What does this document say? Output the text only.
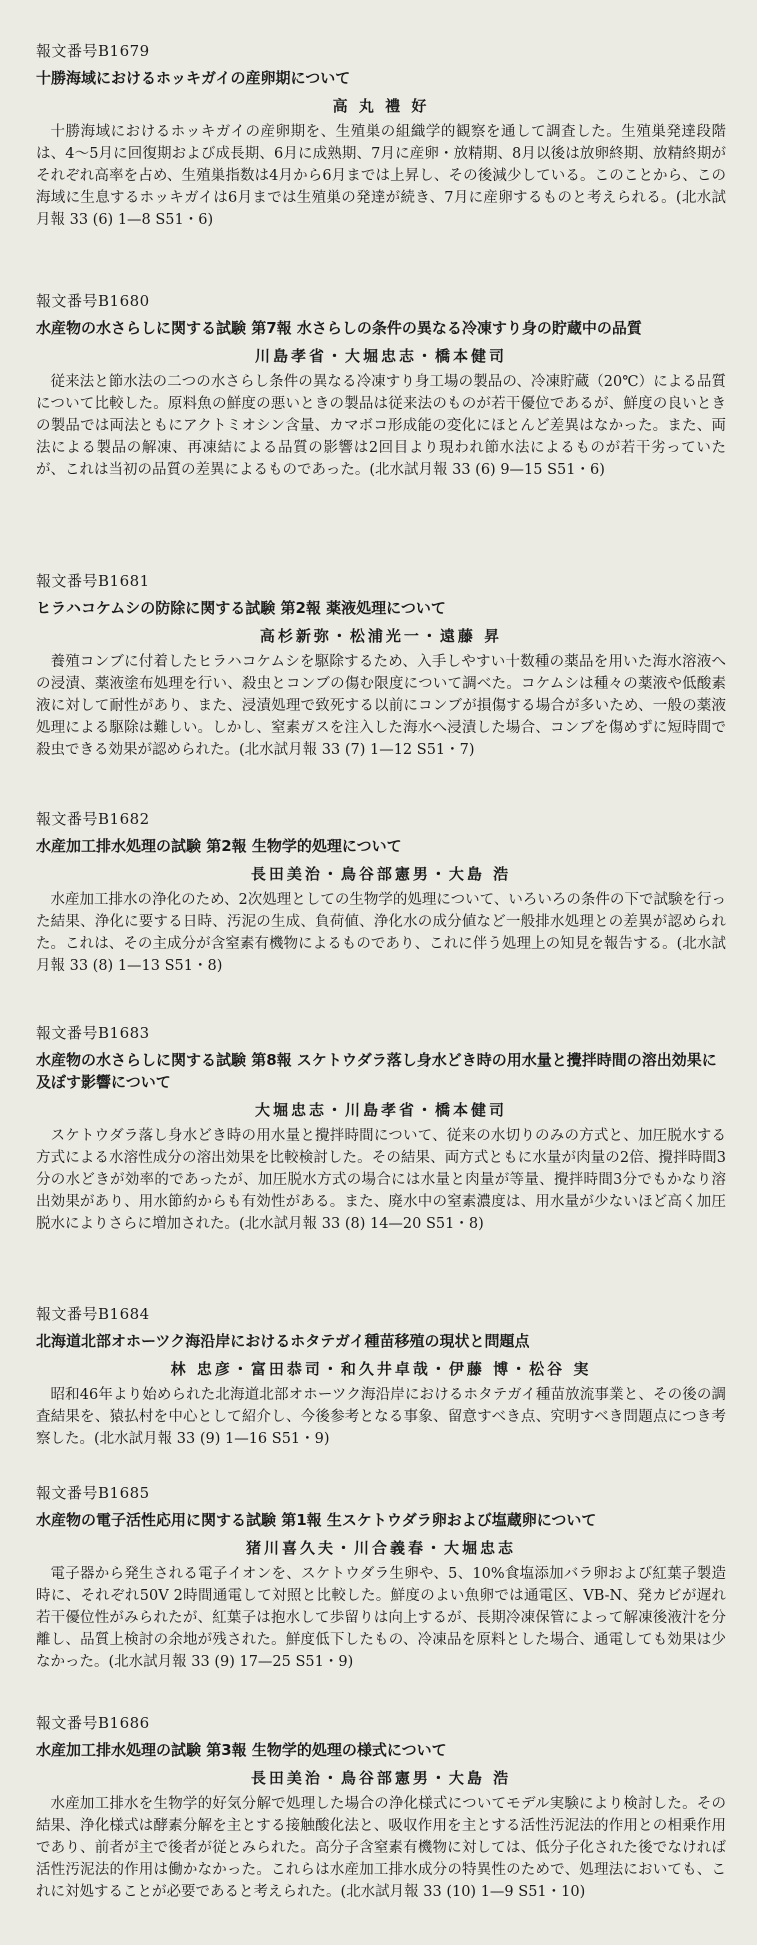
報文番号B1679
十勝海域におけるホッキガイの産卵期について
高 丸 禮 好

十勝海域におけるホッキガイの産卵期を、生殖巣の組織学的観察を通して調査した。生殖巣発達段階は、4〜5月に回復期および成長期、6月に成熟期、7月に産卵・放精期、8月以後は放卵終期、放精終期がそれぞれ高率を占め、生殖巣指数は4月から6月までは上昇し、その後減少している。このことから、この海域に生息するホッキガイは6月までは生殖巣の発達が続き、7月に産卵するものと考えられる。(北水試月報 33 (6) 1—8 S51・6)

報文番号B1680
水産物の水さらしに関する試験 第7報 水さらしの条件の異なる冷凍すり身の貯蔵中の品質
川島孝省・大堀忠志・橋本健司

従来法と節水法の二つの水さらし条件の異なる冷凍すり身工場の製品の、冷凍貯蔵（20℃）による品質について比較した。原料魚の鮮度の悪いときの製品は従来法のものが若干優位であるが、鮮度の良いときの製品では両法ともにアクトミオシン含量、カマボコ形成能の変化にほとんど差異はなかった。また、両法による製品の解凍、再凍結による品質の影響は2回目より現われ節水法によるものが若干劣っていたが、これは当初の品質の差異によるものであった。(北水試月報 33 (6) 9—15 S51・6)

報文番号B1681
ヒラハコケムシの防除に関する試験 第2報 薬液処理について
高杉新弥・松浦光一・遠藤 昇

養殖コンブに付着したヒラハコケムシを駆除するため、入手しやすい十数種の薬品を用いた海水溶液への浸漬、薬液塗布処理を行い、殺虫とコンブの傷む限度について調べた。コケムシは種々の薬液や低酸素液に対して耐性があり、また、浸漬処理で致死する以前にコンブが損傷する場合が多いため、一般の薬液処理による駆除は難しい。しかし、窒素ガスを注入した海水へ浸漬した場合、コンブを傷めずに短時間で殺虫できる効果が認められた。(北水試月報 33 (7) 1—12 S51・7)

報文番号B1682
水産加工排水処理の試験 第2報 生物学的処理について
長田美治・鳥谷部憲男・大島 浩

水産加工排水の浄化のため、2次処理としての生物学的処理について、いろいろの条件の下で試験を行った結果、浄化に要する日時、汚泥の生成、負荷値、浄化水の成分値など一般排水処理との差異が認められた。これは、その主成分が含窒素有機物によるものであり、これに伴う処理上の知見を報告する。(北水試月報 33 (8) 1—13 S51・8)

報文番号B1683
水産物の水さらしに関する試験 第8報 スケトウダラ落し身水どき時の用水量と攪拌時間の溶出効果に及ぼす影響について
大堀忠志・川島孝省・橋本健司

スケトウダラ落し身水どき時の用水量と攪拌時間について、従来の水切りのみの方式と、加圧脱水する方式による水溶性成分の溶出効果を比較検討した。その結果、両方式ともに水量が肉量の2倍、攪拌時間3分の水どきが効率的であったが、加圧脱水方式の場合には水量と肉量が等量、攪拌時間3分でもかなり溶出効果があり、用水節約からも有効性がある。また、廃水中の窒素濃度は、用水量が少ないほど高く加圧脱水によりさらに増加された。(北水試月報 33 (8) 14—20 S51・8)

報文番号B1684
北海道北部オホーツク海沿岸におけるホタテガイ種苗移殖の現状と問題点
林 忠彦・富田恭司・和久井卓哉・伊藤 博・松谷 実

昭和46年より始められた北海道北部オホーツク海沿岸におけるホタテガイ種苗放流事業と、その後の調査結果を、猿払村を中心として紹介し、今後参考となる事象、留意すべき点、究明すべき問題点につき考察した。(北水試月報 33 (9) 1—16 S51・9)

報文番号B1685
水産物の電子活性応用に関する試験 第1報 生スケトウダラ卵および塩蔵卵について
猪川喜久夫・川合義春・大堀忠志

電子器から発生される電子イオンを、スケトウダラ生卵や、5、10%食塩添加バラ卵および紅葉子製造時に、それぞれ50V 2時間通電して対照と比較した。鮮度のよい魚卵では通電区、VB-N、発カビが遅れ若干優位性がみられたが、紅葉子は抱水して歩留りは向上するが、長期冷凍保管によって解凍後液汁を分離し、品質上検討の余地が残された。鮮度低下したもの、冷凍品を原料とした場合、通電しても効果は少なかった。(北水試月報 33 (9) 17—25 S51・9)

報文番号B1686
水産加工排水処理の試験 第3報 生物学的処理の様式について
長田美治・鳥谷部憲男・大島 浩

水産加工排水を生物学的好気分解で処理した場合の浄化様式についてモデル実験により検討した。その結果、浄化様式は酵素分解を主とする接触酸化法と、吸収作用を主とする活性汚泥法的作用との相乗作用であり、前者が主で後者が従とみられた。高分子含窒素有機物に対しては、低分子化された後でなければ活性汚泥法的作用は働かなかった。これらは水産加工排水成分の特異性のためで、処理法においても、これに対処することが必要であると考えられた。(北水試月報 33 (10) 1—9 S51・10)
